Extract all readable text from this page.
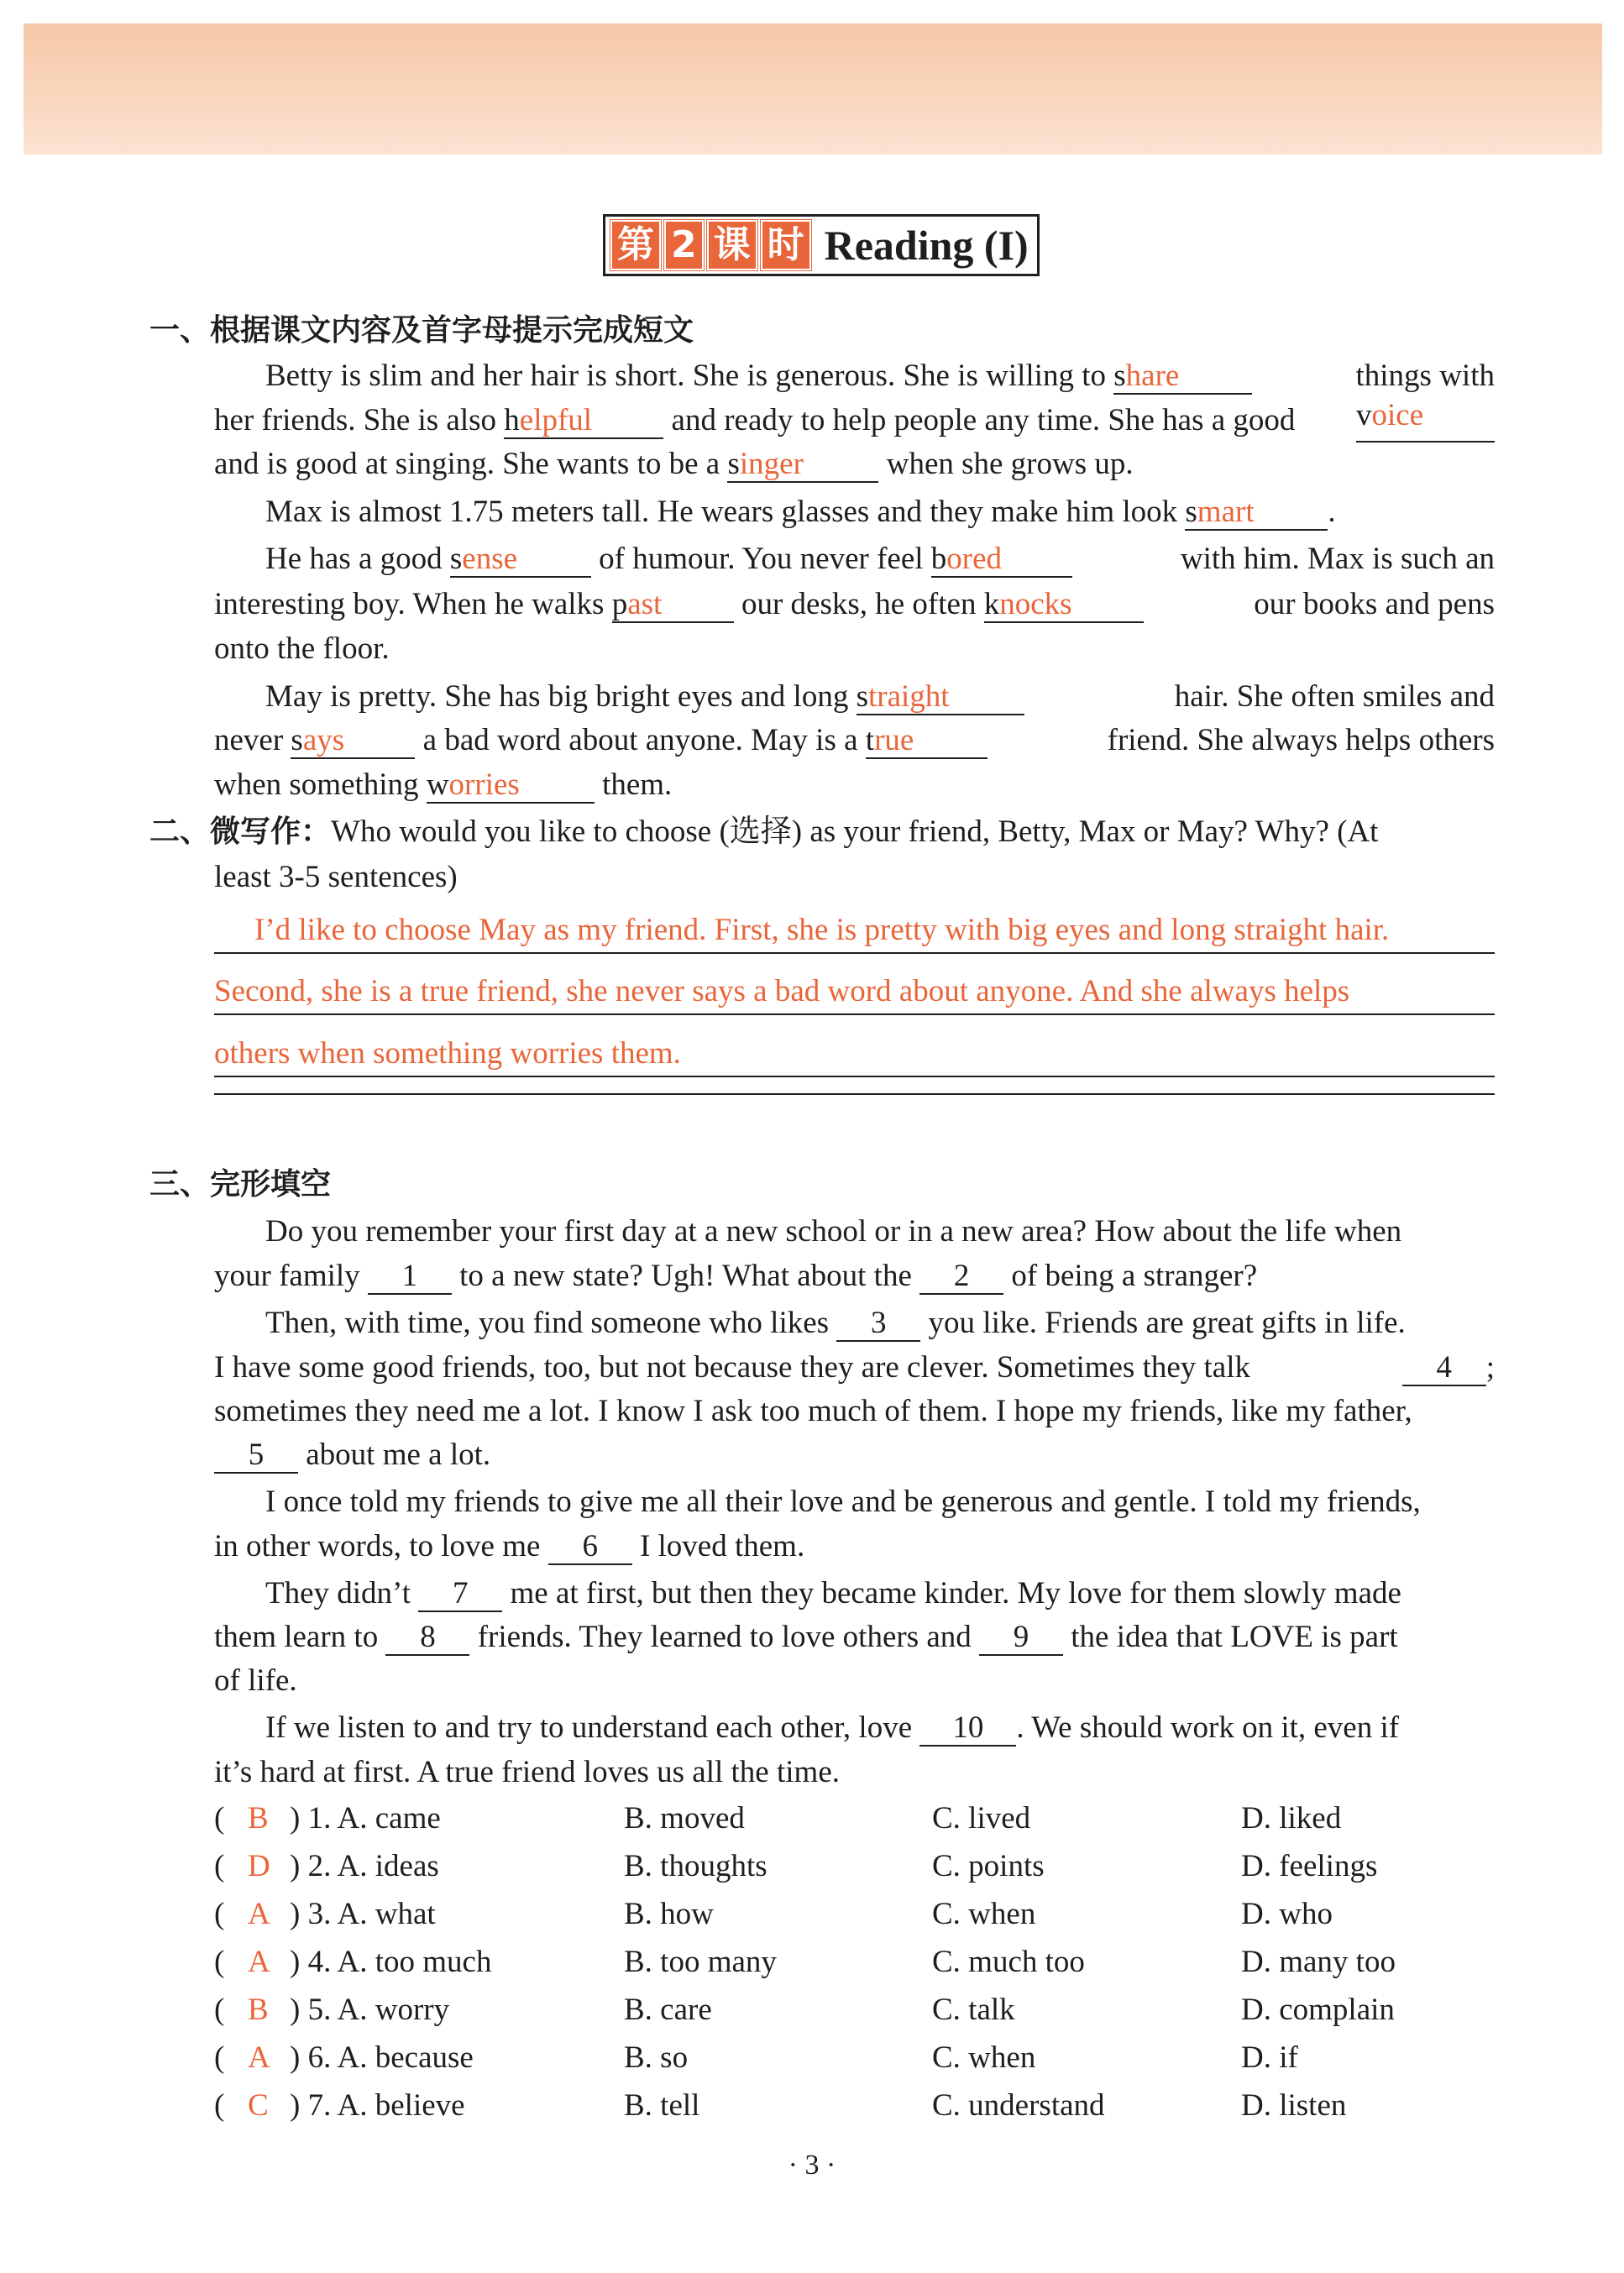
第 2 课 时 Reading (I)
一、根据课文内容及首字母提示完成短文
Betty is slim and her hair is short. She is generous. She is willing to share	things with
her friends. She is also helpful and ready to help people any time. She has a good voice
and is good at singing. She wants to be a singer when she grows up.
Max is almost 1.75 meters tall. He wears glasses and they make him look smart .
He has a good sense of humour. You never feel bored	with him. Max is such an
interesting boy. When he walks past our desks, he often knocks	our books and pens
onto the floor.
May is pretty. She has big bright eyes and long straight	hair. She often smiles and
never says a bad word about anyone. May is a true	friend. She always helps others
when something worries them.
二、微写作：Who would you like to choose (选择) as your friend, Betty, Max or May? Why? (At
least 3-5 sentences)
I’d like to choose May as my friend. First, she is pretty with big eyes and long straight hair.
Second, she is a true friend, she never says a bad word about anyone. And she always helps
others when something worries them.
三、完形填空
Do you remember your first day at a new school or in a new area? How about the life when
your family 1 to a new state? Ugh! What about the 2 of being a stranger?
Then, with time, you find someone who likes 3 you like. Friends are great gifts in life.
I have some good friends, too, but not because they are clever. Sometimes they talk	4 ;
sometimes they need me a lot. I know I ask too much of them. I hope my friends, like my father,
5 about me a lot.
I once told my friends to give me all their love and be generous and gentle. I told my friends,
in other words, to love me 6 I loved them.
They didn’t 7 me at first, but then they became kinder. My love for them slowly made
them learn to 8 friends. They learned to love others and 9 the idea that LOVE is part
of life.
If we listen to and try to understand each other, love 10 . We should work on it, even if
it’s hard at first. A true friend loves us all the time.
( B ) 1. A. came	B. moved	C. lived	D. liked
( D ) 2. A. ideas	B. thoughts	C. points	D. feelings
( A ) 3. A. what	B. how	C. when	D. who
( A ) 4. A. too much	B. too many	C. much too	D. many too
( B ) 5. A. worry	B. care	C. talk	D. complain
( A ) 6. A. because	B. so	C. when	D. if
( C ) 7. A. believe	B. tell	C. understand	D. listen
· 3 ·
